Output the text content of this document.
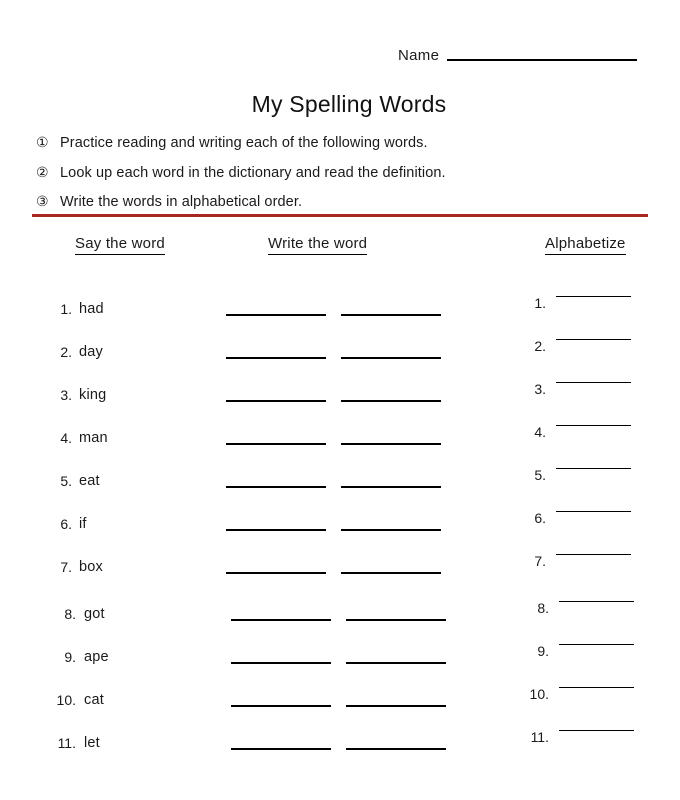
Name
My Spelling Words
① Practice reading and writing each of the following words.
② Look up each word in the dictionary and read the definition.
③ Write the words in alphabetical order.
Say the word	Write the word	Alphabetize
1. had
2. day
3. king
4. man
5. eat
6. if
7. box
8. got
9. ape
10. cat
11. let
1.
2.
3.
4.
5.
6.
7.
8.
9.
10.
11.
